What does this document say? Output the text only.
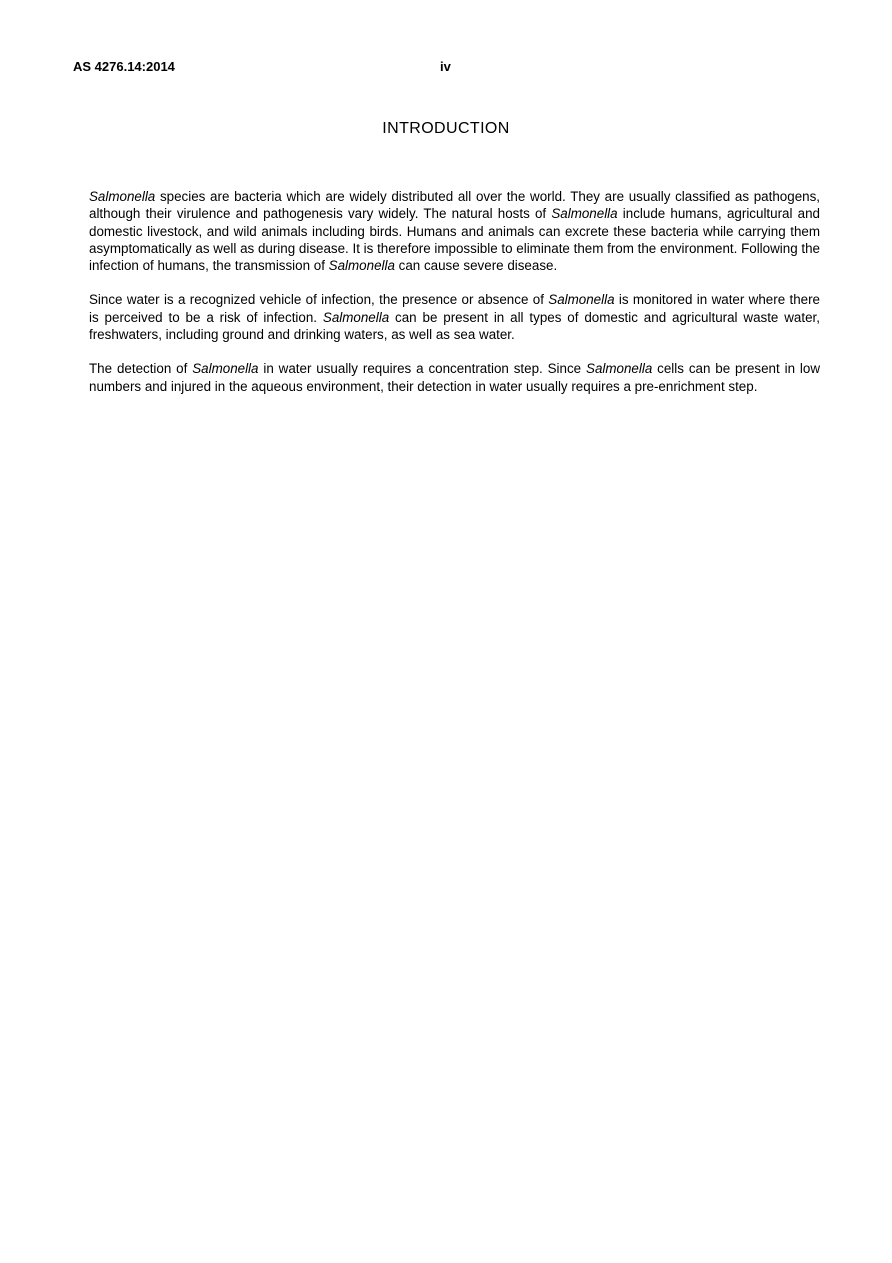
AS 4276.14:2014	iv
INTRODUCTION

Salmonella species are bacteria which are widely distributed all over the world. They are usually classified as pathogens, although their virulence and pathogenesis vary widely. The natural hosts of Salmonella include humans, agricultural and domestic livestock, and wild animals including birds. Humans and animals can excrete these bacteria while carrying them asymptomatically as well as during disease. It is therefore impossible to eliminate them from the environment. Following the infection of humans, the transmission of Salmonella can cause severe disease.

Since water is a recognized vehicle of infection, the presence or absence of Salmonella is monitored in water where there is perceived to be a risk of infection. Salmonella can be present in all types of domestic and agricultural waste water, freshwaters, including ground and drinking waters, as well as sea water.

The detection of Salmonella in water usually requires a concentration step. Since Salmonella cells can be present in low numbers and injured in the aqueous environment, their detection in water usually requires a pre-enrichment step.
